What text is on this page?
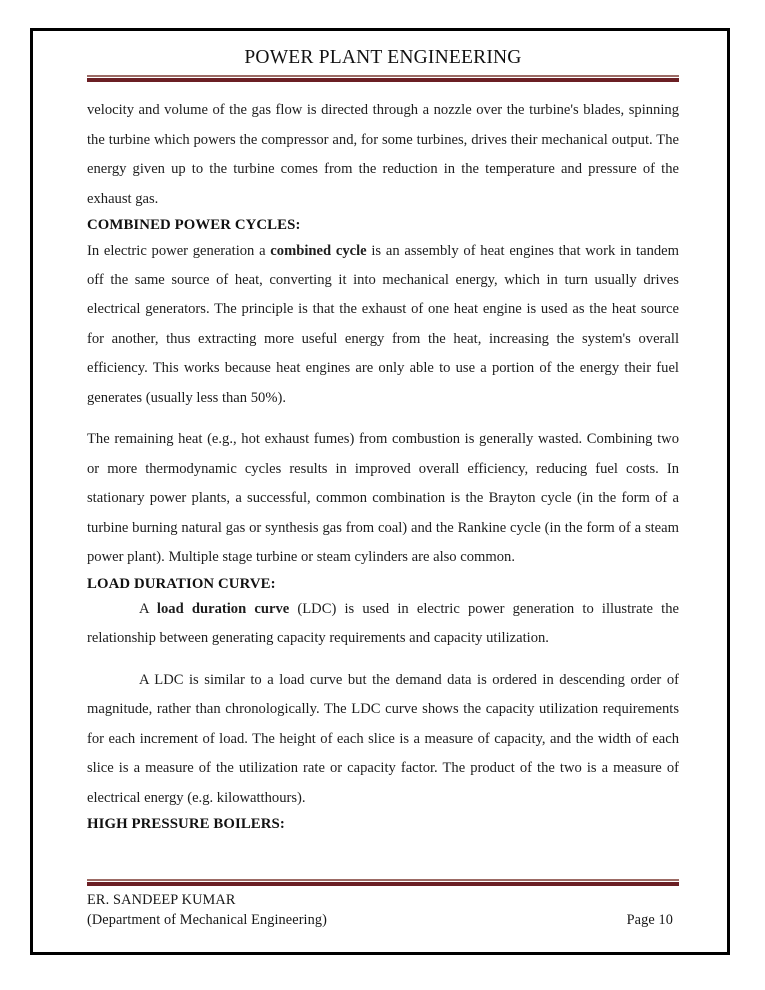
POWER PLANT ENGINEERING

velocity and volume of the gas flow is directed through a nozzle over the turbine's blades, spinning the turbine which powers the compressor and, for some turbines, drives their mechanical output. The energy given up to the turbine comes from the reduction in the temperature and pressure of the exhaust gas.

COMBINED POWER CYCLES:

In electric power generation a combined cycle is an assembly of heat engines that work in tandem off the same source of heat, converting it into mechanical energy, which in turn usually drives electrical generators. The principle is that the exhaust of one heat engine is used as the heat source for another, thus extracting more useful energy from the heat, increasing the system's overall efficiency. This works because heat engines are only able to use a portion of the energy their fuel generates (usually less than 50%).

The remaining heat (e.g., hot exhaust fumes) from combustion is generally wasted. Combining two or more thermodynamic cycles results in improved overall efficiency, reducing fuel costs. In stationary power plants, a successful, common combination is the Brayton cycle (in the form of a turbine burning natural gas or synthesis gas from coal) and the Rankine cycle (in the form of a steam power plant). Multiple stage turbine or steam cylinders are also common.

LOAD DURATION CURVE:

A load duration curve (LDC) is used in electric power generation to illustrate the relationship between generating capacity requirements and capacity utilization.

A LDC is similar to a load curve but the demand data is ordered in descending order of magnitude, rather than chronologically. The LDC curve shows the capacity utilization requirements for each increment of load. The height of each slice is a measure of capacity, and the width of each slice is a measure of the utilization rate or capacity factor. The product of the two is a measure of electrical energy (e.g. kilowatthours).

HIGH PRESSURE BOILERS:
ER. SANDEEP KUMAR
(Department of Mechanical Engineering)	Page 10
